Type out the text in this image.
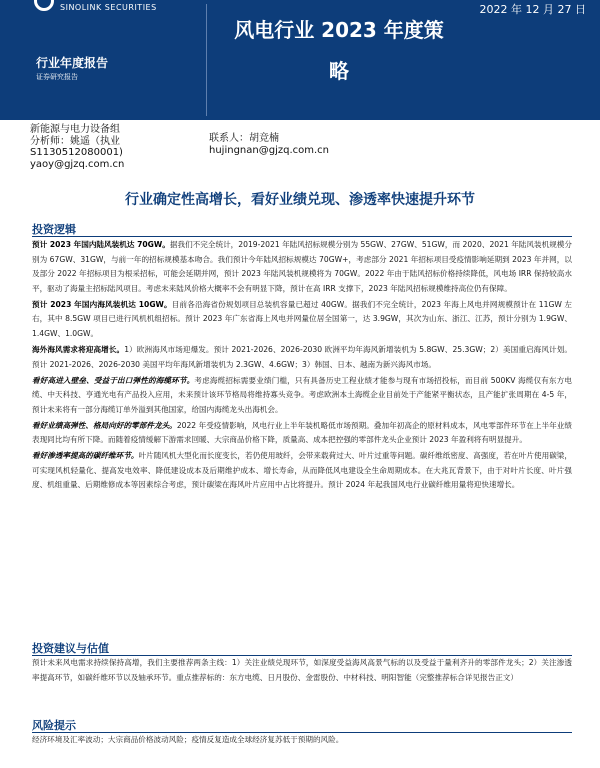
SINOLINK SECURITIES	2022 年 12 月 27 日
风电行业 2023 年度策
略
行业年度报告
证券研究报告
新能源与电力设备组
分析师：姚遥（执业
S1130512080001)
yaoy@gjzq.com.cn
联系人：胡竞楠
hujingnan@gjzq.com.cn
行业确定性高增长，看好业绩兑现、渗透率快速提升环节
投资逻辑

预计 2023 年国内陆风装机达 70GW。据我们不完全统计，2019-2021 年陆风招标规模分别为 55GW、27GW、51GW，而 2020、2021 年陆风装机规模分别为 67GW、31GW，与前一年的招标规模基本吻合。我们预计今年陆风招标规模达 70GW+，考虑部分 2021 年招标项目受疫情影响延期到 2023 年并网，以及部分 2022 年招标项目为根采招标，可能会延期并网，预计 2023 年陆风装机规模将为 70GW。2022 年由于陆风招标价格持续降低，风电场 IRR 保持较高水平，驱动了海量主招标陆风项目。考虑未来陆风价格大概率不会有明显下降，预计在高 IRR 支撑下，2023 年陆风招标规模维持高位仍有保障。

预计 2023 年国内海风装机达 10GW。目前各沿海省份规划项目总装机容量已超过 40GW。据我们不完全统计，2023 年海上风电并网规模预计在 11GW 左右，其中 8.5GW 项目已进行风机机组招标。预计 2023 年广东省海上风电并网量位居全国第一，达 3.9GW，其次为山东、浙江、江苏，预计分别为 1.9GW、1.4GW、1.0GW。

海外海风需求将迎高增长。1）欧洲海风市场迎爆发。预计 2021-2026、2026-2030 欧洲平均年海风新增装机为 5.8GW、25.3GW；2）美国重启海风计划。预计 2021-2026、2026-2030 美国平均年海风新增装机为 2.3GW、4.6GW；3）韩国、日本、越南为新兴海风市场。

看好高进入壁垒、受益于出口弹性的海缆环节。考虑海缆招标需要业绩门槛，只有具备历史工程业绩才能参与现有市场招投标，而目前 500KV 海缆仅有东方电缆、中天科技、亨通光电有产品投入应用，未来预计该环节格局将维持寡头竞争。考虑欧洲本土海缆企业目前处于产能紧平衡状态，且产能扩张周期在 4-5 年，预计未来将有一部分海缆订单外溢到其他国家，给国内海缆龙头出海机会。

看好业绩高弹性、格局向好的零部件龙头。2022 年受疫情影响，风电行业上半年装机略低市场预期。叠加年初高企的原材料成本，风电零部件环节在上半年业绩表现同比均有所下降。而随着疫情缓解下游需求回暖、大宗商品价格下降，质量高、成本把控强的零部件龙头企业预计 2023 年盈利将有明显提升。

看好渗透率提高的碳纤维环节。叶片随风机大型化而长度变长，若仍使用玻纤，会带来载荷过大、叶片过重等问题。碳纤维纸密度、高强度，若在叶片使用碳梁，可实现风机轻量化、提高发电效率、降低建设成本及后期维护成本、增长寿命，从而降低风电建设全生命周期成本。在大兆瓦背景下，由于对叶片长度、叶片强度、机组重量、后期维修成本等因素综合考虑，预计碳梁在海风叶片应用中占比将提升。预计 2024 年起我国风电行业碳纤维用量将迎快速增长。

投资建议与估值

预计未来风电需求持续保持高增，我们主要推荐两条主线：1）关注业绩兑现环节，如深度受益海风高景气标的以及受益于量利齐升的零部件龙头；2）关注渗透率提高环节，如碳纤维环节以及轴承环节。重点推荐标的：东方电缆、日月股份、金雷股份、中材科技、明阳智能（完整推荐标合详见报告正文）

风险提示

经济环境及汇率波动；大宗商品价格波动风险；疫情反复造成全球经济复苏低于预期的风险。
